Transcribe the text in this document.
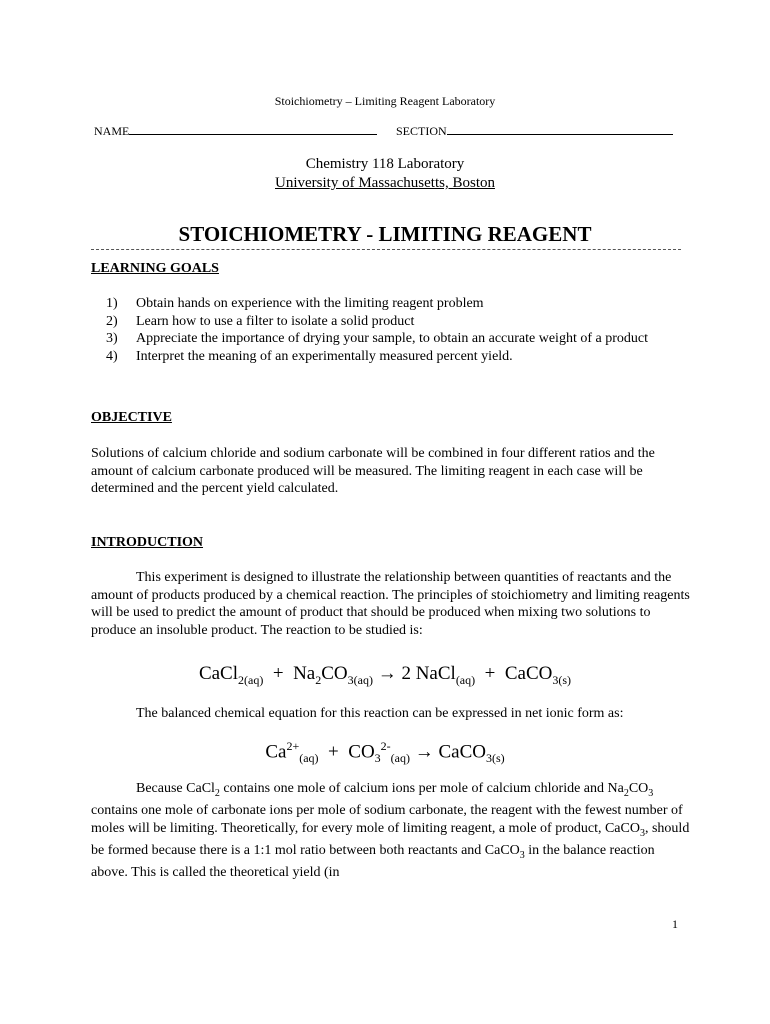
Stoichiometry – Limiting Reagent Laboratory
NAME	SECTION
Chemistry 118 Laboratory
University of Massachusetts, Boston
STOICHIOMETRY - LIMITING REAGENT
LEARNING GOALS
1) Obtain hands on experience with the limiting reagent problem
2) Learn how to use a filter to isolate a solid product
3) Appreciate the importance of drying your sample, to obtain an accurate weight of a product
4) Interpret the meaning of an experimentally measured percent yield.
OBJECTIVE

Solutions of calcium chloride and sodium carbonate will be combined in four different ratios and the amount of calcium carbonate produced will be measured. The limiting reagent in each case will be determined and the percent yield calculated.

INTRODUCTION

This experiment is designed to illustrate the relationship between quantities of reactants and the amount of products produced by a chemical reaction. The principles of stoichiometry and limiting reagents will be used to predict the amount of product that should be produced when mixing two solutions to produce an insoluble product. The reaction to be studied is:

CaCl$_{2(aq)}$ + $Na_2CO_{3(aq)} \to 2$ NaCl$_{(aq)}$ + CaCO$_{3(s)}$

The balanced chemical equation for this reaction can be expressed in net ionic form as:

$Ca^{2+}_{(aq)} + CO_3^{2-}_{(aq)}$ → CaCO$_{3(s)}$

Because CaCl$_2$ contains one mole of calcium ions per mole of calcium chloride and $Na_2CO_3$ contains one mole of carbonate ions per mole of sodium carbonate, the reagent with the fewest number of moles will be limiting. Theoretically, for every mole of limiting reagent, a mole of product, CaCO$_3$, should be formed because there is a 1:1 mol ratio between both reactants and CaCO$_3$ in the balance reaction above. This is called the theoretical yield (in

1
